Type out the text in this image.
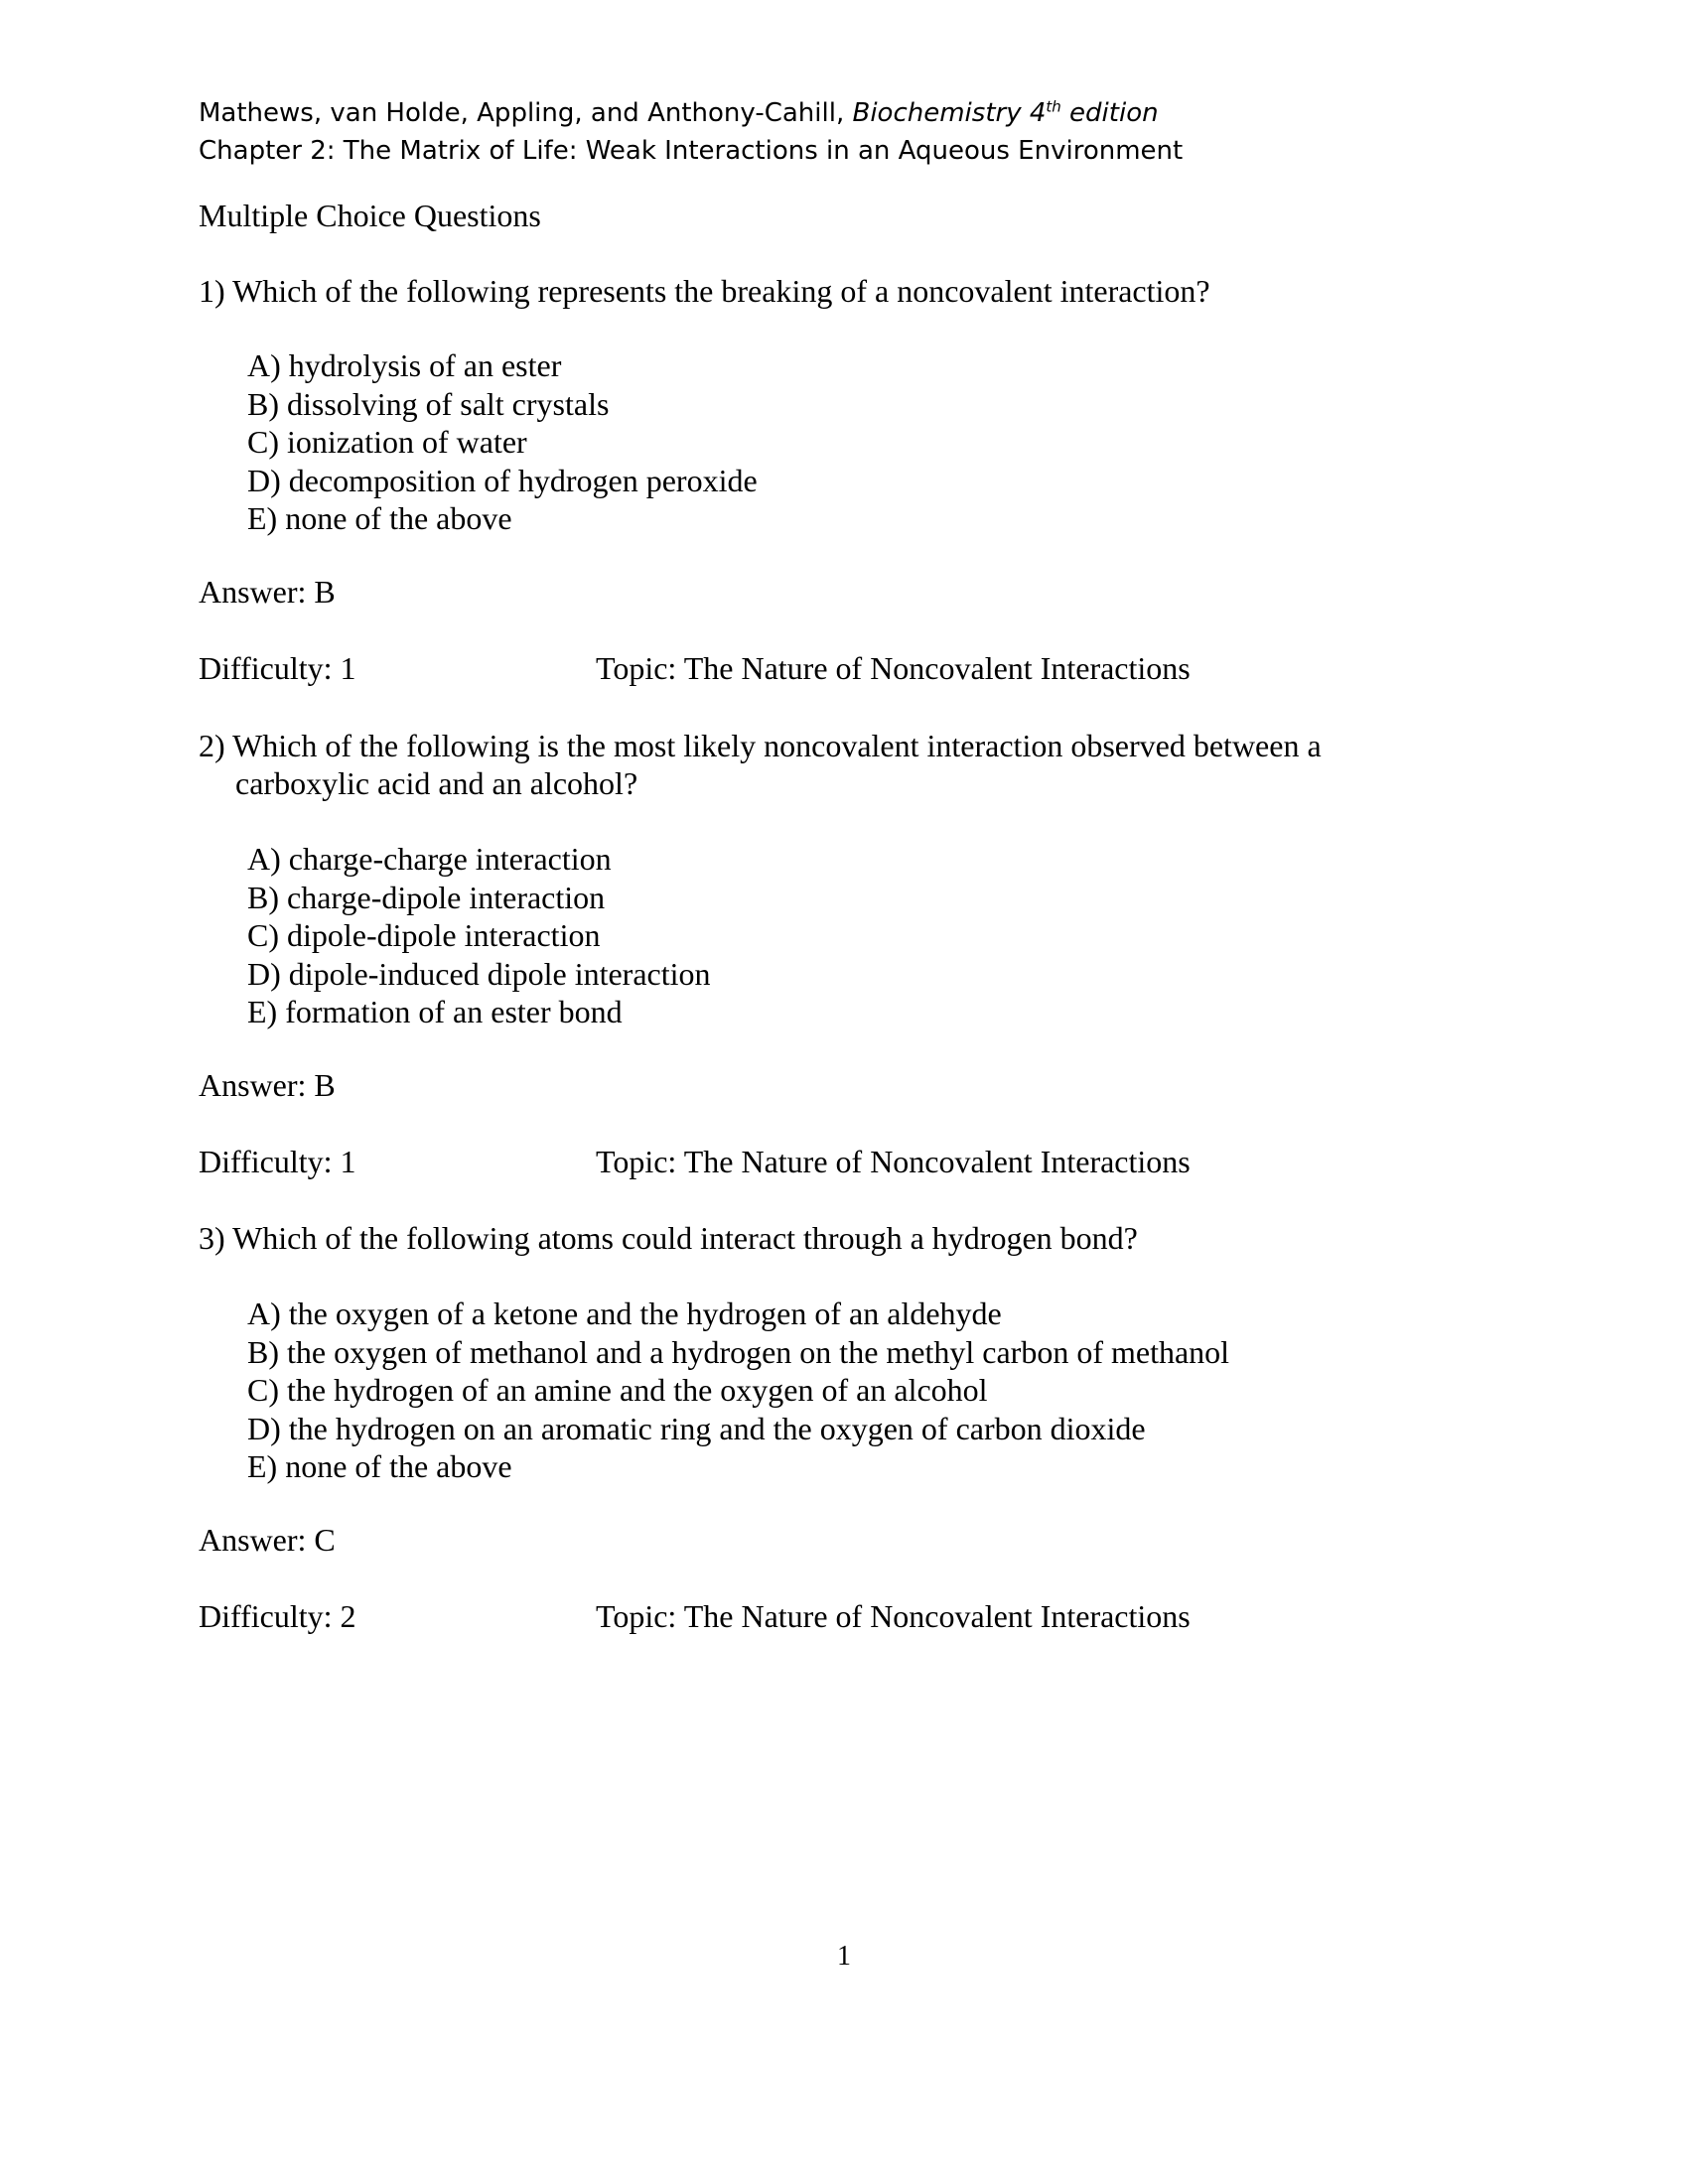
Mathews, van Holde, Appling, and Anthony-Cahill, Biochemistry 4th edition
Chapter 2: The Matrix of Life: Weak Interactions in an Aqueous Environment
Multiple Choice Questions
1) Which of the following represents the breaking of a noncovalent interaction?
A) hydrolysis of an ester
B) dissolving of salt crystals
C) ionization of water
D) decomposition of hydrogen peroxide
E) none of the above
Answer: B
Difficulty: 1	Topic: The Nature of Noncovalent Interactions
2) Which of the following is the most likely noncovalent interaction observed between a
carboxylic acid and an alcohol?
A) charge-charge interaction
B) charge-dipole interaction
C) dipole-dipole interaction
D) dipole-induced dipole interaction
E) formation of an ester bond
Answer: B
Difficulty: 1	Topic: The Nature of Noncovalent Interactions
3) Which of the following atoms could interact through a hydrogen bond?
A) the oxygen of a ketone and the hydrogen of an aldehyde
B) the oxygen of methanol and a hydrogen on the methyl carbon of methanol
C) the hydrogen of an amine and the oxygen of an alcohol
D) the hydrogen on an aromatic ring and the oxygen of carbon dioxide
E) none of the above
Answer: C
Difficulty: 2	Topic: The Nature of Noncovalent Interactions
1
